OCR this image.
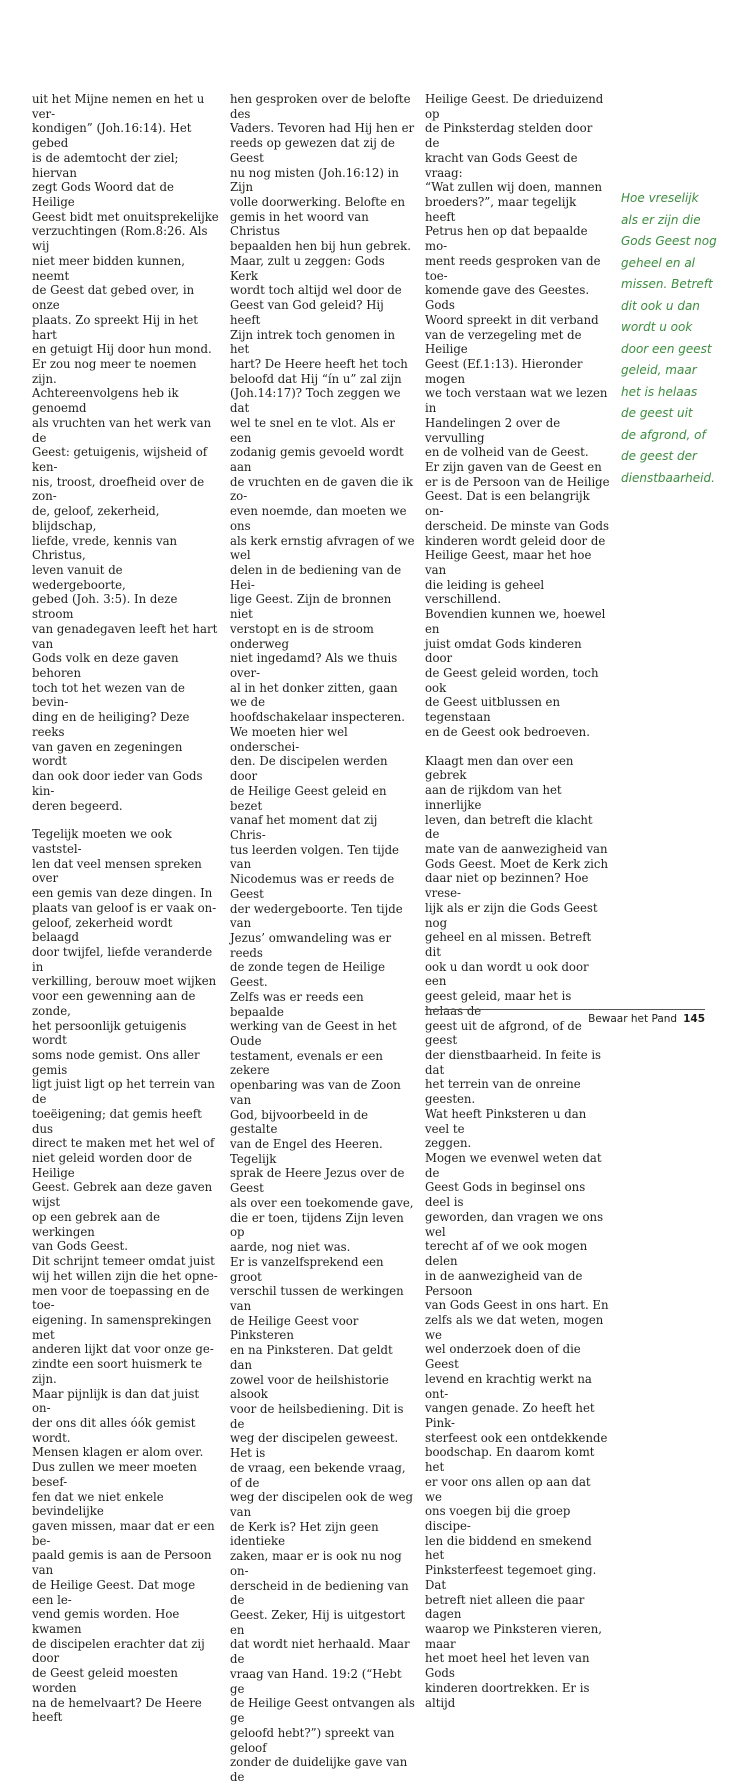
uit het Mijne nemen en het u ver-
kondigen” (Joh.16:14). Het gebed
is de ademtocht der ziel; hiervan
zegt Gods Woord dat de Heilige
Geest bidt met onuitsprekelijke
verzuchtingen (Rom.8:26. Als wij
niet meer bidden kunnen, neemt
de Geest dat gebed over, in onze
plaats. Zo spreekt Hij in het hart
en getuigt Hij door hun mond.
Er zou nog meer te noemen zijn.
Achtereenvolgens heb ik genoemd
als vruchten van het werk van de
Geest: getuigenis, wijsheid of ken-
nis, troost, droefheid over de zon-
de, geloof, zekerheid, blijdschap,
liefde, vrede, kennis van Christus,
leven vanuit de wedergeboorte,
gebed (Joh. 3:5). In deze stroom
van genadegaven leeft het hart van
Gods volk en deze gaven behoren
toch tot het wezen van de bevin-
ding en de heiliging? Deze reeks
van gaven en zegeningen wordt
dan ook door ieder van Gods kin-
deren begeerd.

Tegelijk moeten we ook vaststel-
len dat veel mensen spreken over
een gemis van deze dingen. In
plaats van geloof is er vaak on-
geloof, zekerheid wordt belaagd
door twijfel, liefde veranderde in
verkilling, berouw moet wijken
voor een gewenning aan de zonde,
het persoonlijk getuigenis wordt
soms node gemist. Ons aller gemis
ligt juist ligt op het terrein van de
toeëigening; dat gemis heeft dus
direct te maken met het wel of
niet geleid worden door de Heilige
Geest. Gebrek aan deze gaven wijst
op een gebrek aan de werkingen
van Gods Geest.

Dit schrijnt temeer omdat juist
wij het willen zijn die het opne-
men voor de toepassing en de toe-
eigening. In samensprekingen met
anderen lijkt dat voor onze ge-
zindte een soort huismerk te zijn.
Maar pijnlijk is dan dat juist on-
der ons dit alles óók gemist wordt.
Mensen klagen er alom over.

Dus zullen we meer moeten besef-
fen dat we niet enkele bevindelijke
gaven missen, maar dat er een be-
paald gemis is aan de Persoon van
de Heilige Geest. Dat moge een le-
vend gemis worden. Hoe kwamen
de discipelen erachter dat zij door
de Geest geleid moesten worden
na de hemelvaart? De Heere heeft

hen gesproken over de belofte des
Vaders. Tevoren had Hij hen er
reeds op gewezen dat zij de Geest
nu nog misten (Joh.16:12) in Zijn
volle doorwerking. Belofte en
gemis in het woord van Christus
bepaalden hen bij hun gebrek.
Maar, zult u zeggen: Gods Kerk
wordt toch altijd wel door de
Geest van God geleid? Hij heeft
Zijn intrek toch genomen in het
hart? De Heere heeft het toch
beloofd dat Hij “ín u” zal zijn
(Joh.14:17)? Toch zeggen we dat
wel te snel en te vlot. Als er een
zodanig gemis gevoeld wordt aan
de vruchten en de gaven die ik zo-
even noemde, dan moeten we ons
als kerk ernstig afvragen of we wel
delen in de bediening van de Hei-
lige Geest. Zijn de bronnen niet
verstopt en is de stroom onderweg
niet ingedamd? Als we thuis over-
al in het donker zitten, gaan we de
hoofdschakelaar inspecteren.

We moeten hier wel onderschei-
den. De discipelen werden door
de Heilige Geest geleid en bezet
vanaf het moment dat zij Chris-
tus leerden volgen. Ten tijde van
Nicodemus was er reeds de Geest
der wedergeboorte. Ten tijde van
Jezus’ omwandeling was er reeds
de zonde tegen de Heilige Geest.
Zelfs was er reeds een bepaalde
werking van de Geest in het Oude
testament, evenals er een zekere
openbaring was van de Zoon van
God, bijvoorbeeld in de gestalte
van de Engel des Heeren. Tegelijk
sprak de Heere Jezus over de Geest
als over een toekomende gave,
die er toen, tijdens Zijn leven op
aarde, nog niet was.

Er is vanzelfsprekend een groot
verschil tussen de werkingen van
de Heilige Geest voor Pinksteren
en na Pinksteren. Dat geldt dan
zowel voor de heilshistorie alsook
voor de heilsbediening. Dit is de
weg der discipelen geweest. Het is
de vraag, een bekende vraag, of de
weg der discipelen ook de weg van
de Kerk is? Het zijn geen identieke
zaken, maar er is ook nu nog on-
derscheid in de bediening van de
Geest. Zeker, Hij is uitgestort en
dat wordt niet herhaald. Maar de
vraag van Hand. 19:2 (“Hebt ge
de Heilige Geest ontvangen als ge
geloofd hebt?”) spreekt van geloof
zonder de duidelijke gave van de

Heilige Geest. De drieduizend op
de Pinksterdag stelden door de
kracht van Gods Geest de vraag:
“Wat zullen wij doen, mannen
broeders?”, maar tegelijk heeft
Petrus hen op dat bepaalde mo-
ment reeds gesproken van de toe-
komende gave des Geestes. Gods
Woord spreekt in dit verband
van de verzegeling met de Heilige
Geest (Ef.1:13). Hieronder mogen
we toch verstaan wat we lezen in
Handelingen 2 over de vervulling
en de volheid van de Geest.

Er zijn gaven van de Geest en
er is de Persoon van de Heilige
Geest. Dat is een belangrijk on-
derscheid. De minste van Gods
kinderen wordt geleid door de
Heilige Geest, maar het hoe van
die leiding is geheel verschillend.
Bovendien kunnen we, hoewel en
juist omdat Gods kinderen door
de Geest geleid worden, toch ook
de Geest uitblussen en tegenstaan
en de Geest ook bedroeven.

Klaagt men dan over een gebrek
aan de rijkdom van het innerlijke
leven, dan betreft die klacht de
mate van de aanwezigheid van
Gods Geest. Moet de Kerk zich
daar niet op bezinnen? Hoe vrese-
lijk als er zijn die Gods Geest nog
geheel en al missen. Betreft dit
ook u dan wordt u ook door een
geest geleid, maar het is helaas de
geest uit de afgrond, of de geest
der dienstbaarheid. In feite is dat
het terrein van de onreine geesten.
Wat heeft Pinksteren u dan veel te
zeggen.

Mogen we evenwel weten dat de
Geest Gods in beginsel ons deel is
geworden, dan vragen we ons wel
terecht af of we ook mogen delen
in de aanwezigheid van de Persoon
van Gods Geest in ons hart. En
zelfs als we dat weten, mogen we
wel onderzoek doen of die Geest
levend en krachtig werkt na ont-
vangen genade. Zo heeft het Pink-
sterfeest ook een ontdekkende
boodschap. En daarom komt het
er voor ons allen op aan dat we
ons voegen bij die groep discipe-
len die biddend en smekend het
Pinksterfeest tegemoet ging. Dat
betreft niet alleen die paar dagen
waarop we Pinksteren vieren, maar
het moet heel het leven van Gods
kinderen doortrekken. Er is altijd

Hoe vreselijk
als er zijn die
Gods Geest nog
geheel en al
missen. Betreft
dit ook u dan
wordt u ook
door een geest
geleid, maar
het is helaas
de geest uit
de afgrond, of
de geest der
dienstbaarheid.
Bewaar het Pand 145
